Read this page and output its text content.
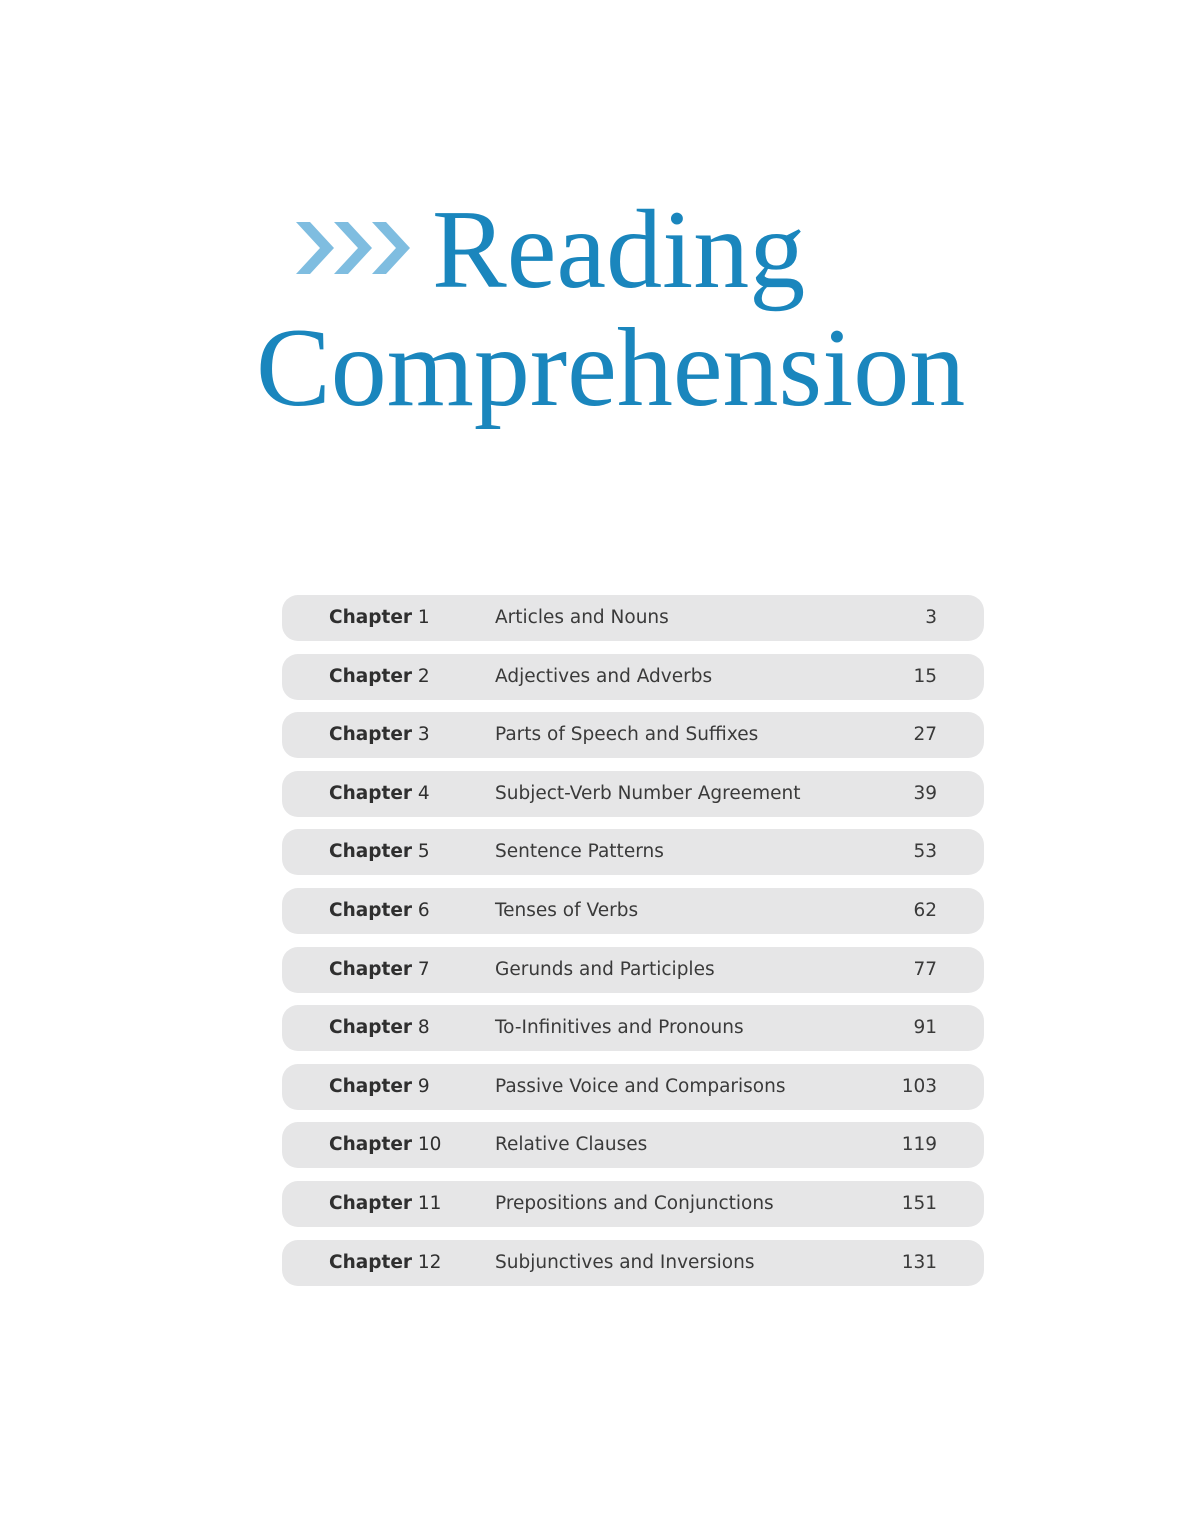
Reading
Comprehension
Chapter 1	Articles and Nouns	3
Chapter 2	Adjectives and Adverbs	15
Chapter 3	Parts of Speech and Suffixes	27
Chapter 4	Subject-Verb Number Agreement	39
Chapter 5	Sentence Patterns	53
Chapter 6	Tenses of Verbs	62
Chapter 7	Gerunds and Participles	77
Chapter 8	To-Infinitives and Pronouns	91
Chapter 9	Passive Voice and Comparisons	103
Chapter 10	Relative Clauses	119
Chapter 11	Prepositions and Conjunctions	151
Chapter 12	Subjunctives and Inversions	131
